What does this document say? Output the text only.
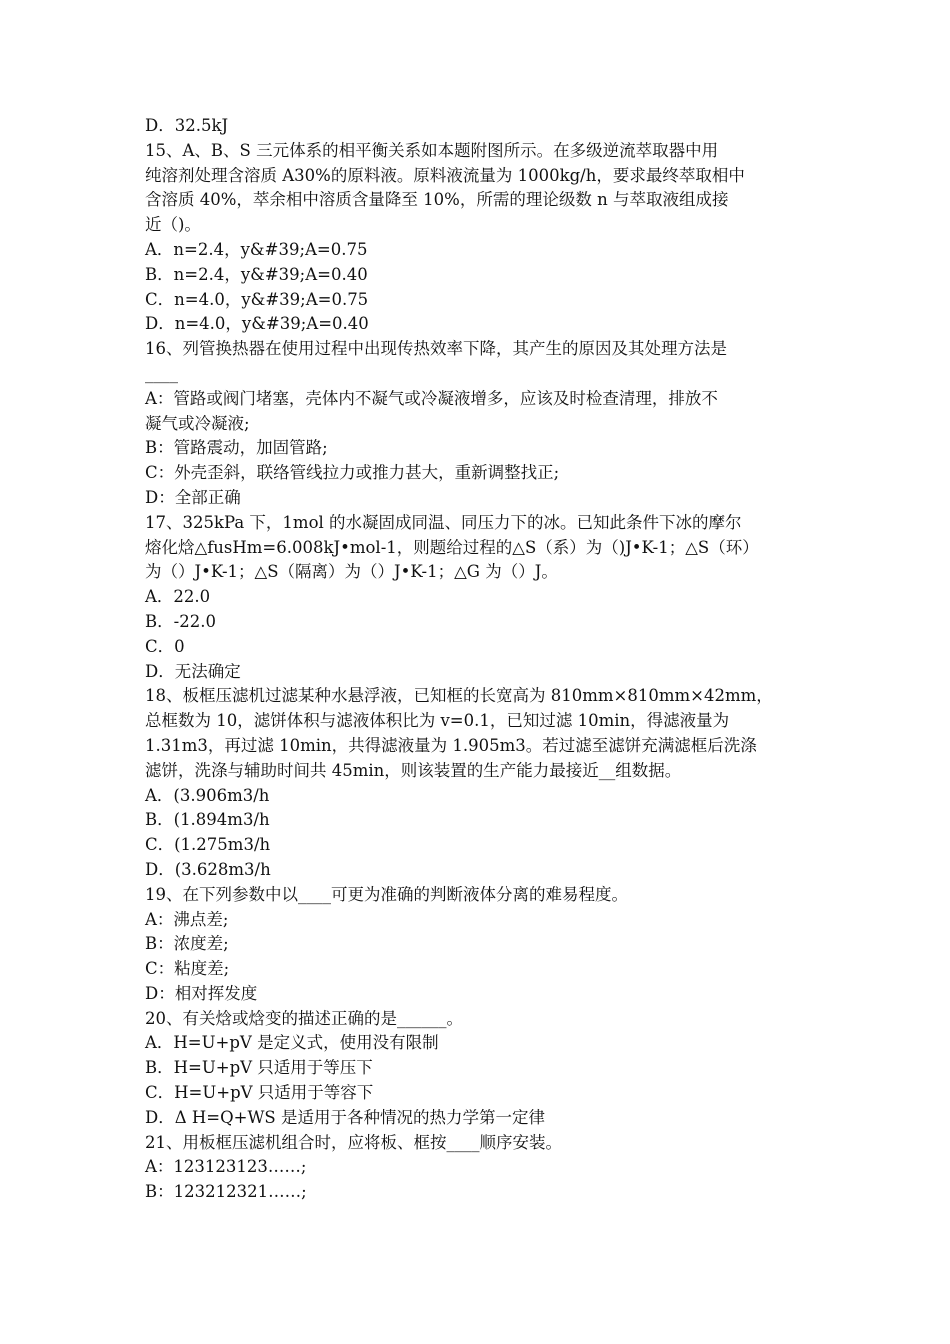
D．32.5kJ
15、A、B、S 三元体系的相平衡关系如本题附图所示。在多级逆流萃取器中用
纯溶剂处理含溶质 A30%的原料液。原料液流量为 1000kg/h，要求最终萃取相中
含溶质 40%，萃余相中溶质含量降至 10%，所需的理论级数 n 与萃取液组成接
近（)。
A．n=2.4，y&#39;A=0.75
B．n=2.4，y&#39;A=0.40
C．n=4.0，y&#39;A=0.75
D．n=4.0，y&#39;A=0.40
16、列管换热器在使用过程中出现传热效率下降，其产生的原因及其处理方法是
____
A：管路或阀门堵塞，壳体内不凝气或冷凝液增多，应该及时检查清理，排放不
凝气或冷凝液;
B：管路震动，加固管路;
C：外壳歪斜，联络管线拉力或推力甚大，重新调整找正;
D：全部正确
17、325kPa 下，1mol 的水凝固成同温、同压力下的冰。已知此条件下冰的摩尔
熔化焓△fusHm=6.008kJ•mol-1，则题给过程的△S（系）为（)J•K-1；△S（环）
为（）J•K-1；△S（隔离）为（）J•K-1；△G 为（）J。
A．22.0
B．-22.0
C．0
D．无法确定
18、板框压滤机过滤某种水悬浮液，已知框的长宽高为 810mm×810mm×42mm，
总框数为 10，滤饼体积与滤液体积比为 v=0.1，已知过滤 10min，得滤液量为
1.31m3，再过滤 10min，共得滤液量为 1.905m3。若过滤至滤饼充满滤框后洗涤
滤饼，洗涤与辅助时间共 45min，则该装置的生产能力最接近__组数据。
A．(3.906m3/h
B．(1.894m3/h
C．(1.275m3/h
D．(3.628m3/h
19、在下列参数中以____可更为准确的判断液体分离的难易程度。
A：沸点差;
B：浓度差;
C：粘度差;
D：相对挥发度
20、有关焓或焓变的描述正确的是______。
A．H=U+pV 是定义式，使用没有限制
B．H=U+pV 只适用于等压下
C．H=U+pV 只适用于等容下
D．Δ H=Q+WS 是适用于各种情况的热力学第一定律
21、用板框压滤机组合时，应将板、框按____顺序安装。
A：123123123……;
B：123212321……;
